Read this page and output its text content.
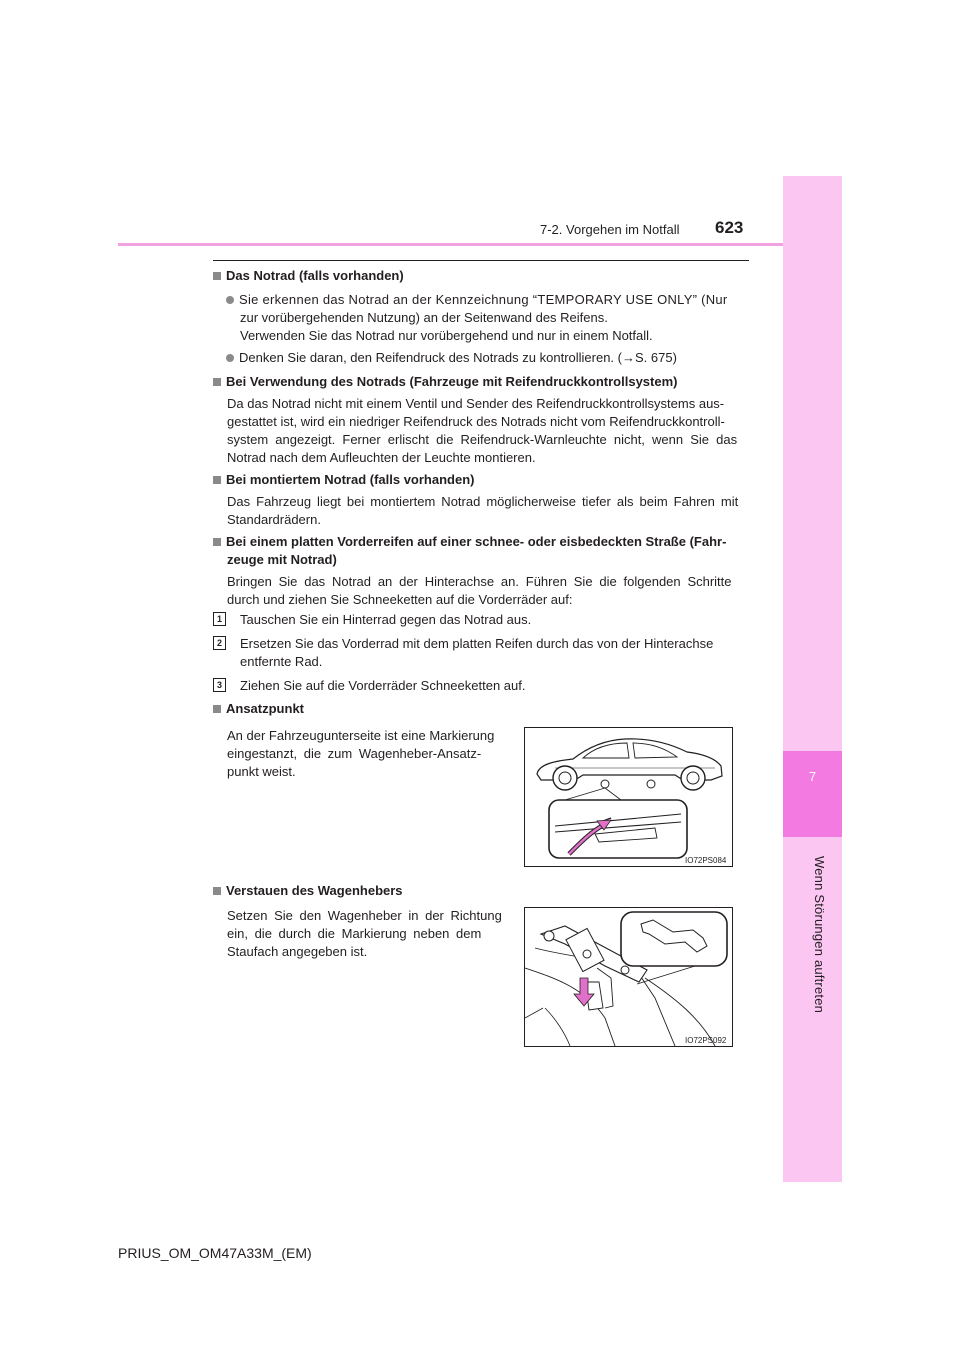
7
Wenn Störungen auftreten
7-2. Vorgehen im Notfall 623
Das Notrad (falls vorhanden)
Sie erkennen das Notrad an der Kennzeichnung “TEMPORARY USE ONLY” (Nur
zur vorübergehenden Nutzung) an der Seitenwand des Reifens.
Verwenden Sie das Notrad nur vorübergehend und nur in einem Notfall.
Denken Sie daran, den Reifendruck des Notrads zu kontrollieren. (→S. 675)
Bei Verwendung des Notrads (Fahrzeuge mit Reifendruckkontrollsystem)
Da das Notrad nicht mit einem Ventil und Sender des Reifendruckkontrollsystems aus-
gestattet ist, wird ein niedriger Reifendruck des Notrads nicht vom Reifendruckkontroll-
system angezeigt. Ferner erlischt die Reifendruck-Warnleuchte nicht, wenn Sie das
Notrad nach dem Aufleuchten der Leuchte montieren.
Bei montiertem Notrad (falls vorhanden)
Das Fahrzeug liegt bei montiertem Notrad möglicherweise tiefer als beim Fahren mit
Standardrädern.
Bei einem platten Vorderreifen auf einer schnee- oder eisbedeckten Straße (Fahr-
zeuge mit Notrad)
Bringen Sie das Notrad an der Hinterachse an. Führen Sie die folgenden Schritte
durch und ziehen Sie Schneeketten auf die Vorderräder auf:
1	Tauschen Sie ein Hinterrad gegen das Notrad aus.
2	Ersetzen Sie das Vorderrad mit dem platten Reifen durch das von der Hinterachse
entfernte Rad.
3	Ziehen Sie auf die Vorderräder Schneeketten auf.
Ansatzpunkt
An der Fahrzeugunterseite ist eine Markierung
eingestanzt, die zum Wagenheber-Ansatz-
punkt weist.
IO72PS084
Verstauen des Wagenhebers
Setzen Sie den Wagenheber in der Richtung
ein, die durch die Markierung neben dem
Staufach angegeben ist.
IO72PS092
PRIUS_OM_OM47A33M_(EM)
